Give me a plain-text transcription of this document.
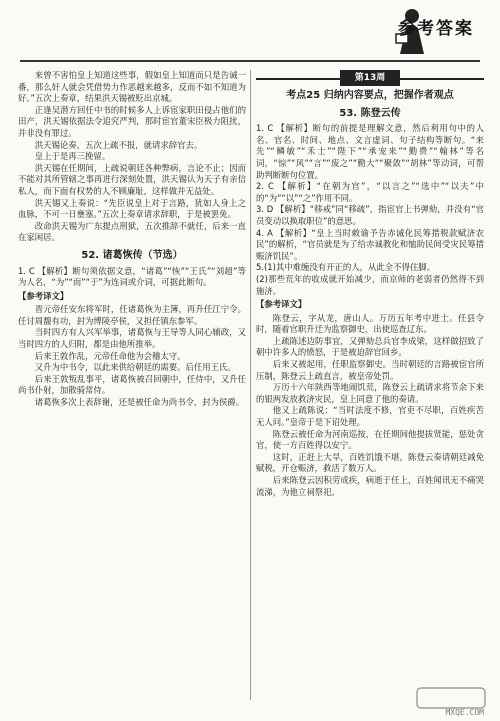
参考答案

来曾不害怕皇上知道这些事，假如皇上知道而只是告诫一番，那么奸人就会凭借势力作恶越来越多，反而不如不知道为好。”五次上奏章，结果洪天锡被贬出京城。

正逢吴潜方回任中书的时候多人上诉宦家职田侵占他们的田产，洪天锡依据法令追究严判，那时宦官董宋臣极力阻扰，并非没有罪过。

洪天锡论奏，五次上疏不报，就请求辞官去。

皇上于是再三挽留。

洪天锡在任期间，上疏说朝廷各种弊病，言论不止；因而不能对其所管辖之事再进行深刻处置，洪天锡认为天子有亲信私人，而下面有权势的人不顾廉耻，这样做并无益处。

洪天锡又上奏说：“先臣说皇上对于言路，犹如人身上之血脉，不可一日壅塞。”五次上奏章请求辞职，于是被罢免。

改命洪天锡为广东提点刑狱，五次推辞不就任，后来一直在家闲居。

52. 诸葛恢传（节选）

1. C 【解析】断句须依据文意，“诸葛”“恢”“王氏”“刘超”等为人名，“为”“而”“于”为连词或介词，可据此断句。

【参考译文】

晋元帝任安东将军时，任诸葛恢为主簿，再升任江宁令。任讨周馥有功，封为博陵亭侯，又担任镇东参军。

当时四方有人兴军举事，诸葛恢与王导等人同心辅政，又当时四方的人归附，都是由他所推举。

后来王敦作乱，元帝任命他为会稽太守。

又升为中书令，以此来供给朝廷的需要。后任用王氏。

后来王敦叛乱事平，诸葛恢被召回朝中，任侍中，又升任尚书仆射，加散骑常侍。

诸葛恢多次上表辞谢，还是被任命为尚书令，封为侯爵。

第13周
考点25 归纳内容要点，把握作者观点
53. 陈登云传

1. C 【解析】断句的前提是理解文意，然后利用句中的人名、官名、时间、地点、文言虚词、句子结构等断句。“来先”“鳞敏”“禾士”“陛下”“承宠来”“勤费”“翰林”等名词，“惊”“风”“言”“废之”“勤大”“聚敛”“胡林”等动词，可帮助判断断句位置。

2. C 【解析】“在朝为官”，“以言之”“选中”“以夫”中的“为”“以”“之”作用不同。

3. D 【解析】“移戒”同“移疏”，指宦官上书弹劾，并没有“官员变动以换取职位”的意思。

4. A 【解析】“皇上当时敕谕予告赤诫化民筹措税款赋济农民”的解析，“官员就是为了给赤诚教化和恤助民间受灾民筹措赈济饥民”。

5.(1)其中难缠没有开正的人，从此全不得住脚。

(2)那些荒年的收成就开始减少，而京师的老弱者仍然得不到施济。

【参考译文】

陈登云，字从龙，唐山人。万历五年考中进士。任县令时，随着官职升迁为监察御史，出使巡查辽东。

上疏陈述边防事宜，又弹劾总兵官李成梁，这样做招致了朝中许多人的愤怒，于是被迫辞官回乡。

后来又被起用，任职监察御史。当时朝廷的言路被宦官所压制，陈登云上疏直言，被皇帝处罚。

万历十六年陕西等地闹饥荒，陈登云上疏请求将节余下来的银两发放救济灾民，皇上同意了他的奏请。

他又上疏陈说：“当时法度不修，官吏不尽职，百姓疾苦无人问。”皇帝于是下诏处理。

陈登云被任命为河南巡按，在任期间他提拔贤能，惩处贪官，使一方百姓得以安宁。

这时，正赶上大旱，百姓饥饿不堪，陈登云奏请朝廷减免赋税，开仓赈济，救活了数万人。

后来陈登云因积劳成疾，病逝于任上，百姓闻讯无不痛哭流涕，为他立祠祭祀。

MXQE.COM
